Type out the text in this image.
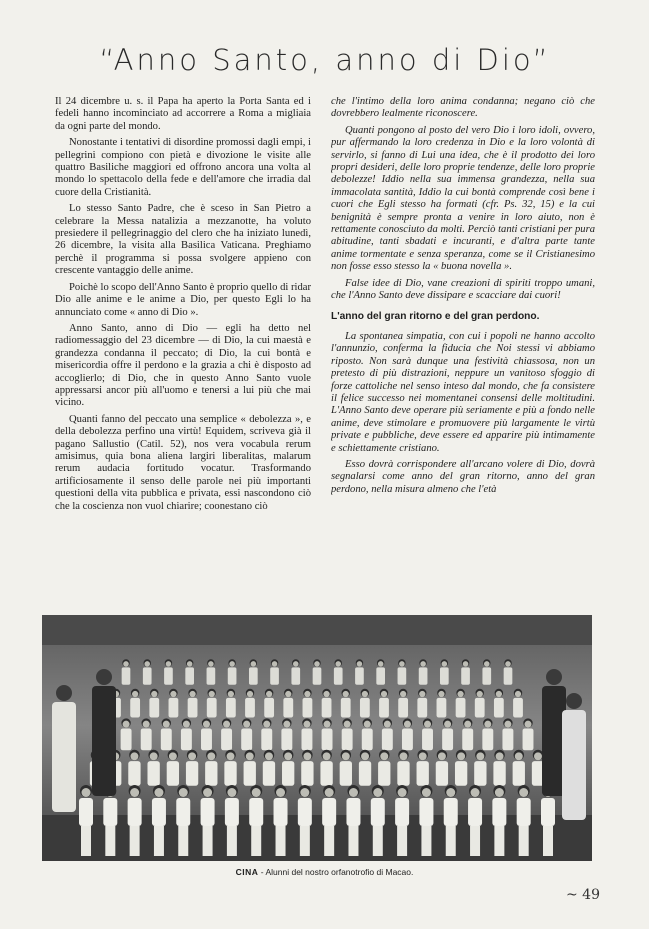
“Anno Santo, anno di Dio”

Il 24 dicembre u. s. il Papa ha aperto la Porta Santa ed i fedeli hanno incominciato ad accorrere a Roma a migliaia da ogni parte del mondo.

Nonostante i tentativi di disordine promossi dagli empi, i pellegrini compiono con pietà e divozione le visite alle quattro Basiliche maggiori ed offrono ancora una volta al mondo lo spettacolo della fede e dell'amore che irradia dal cuore della Cristianità.

Lo stesso Santo Padre, che è sceso in San Pietro a celebrare la Messa natalizia a mezzanotte, ha voluto presiedere il pellegrinaggio del clero che ha iniziato lunedì, 26 dicembre, la visita alla Basilica Vaticana. Preghiamo perchè il programma si possa svolgere appieno con crescente vantaggio delle anime.

Poichè lo scopo dell'Anno Santo è proprio quello di ridar Dio alle anime e le anime a Dio, per questo Egli lo ha annunciato come « anno di Dio ».

Anno Santo, anno di Dio — egli ha detto nel radiomessaggio del 23 dicembre — di Dio, la cui maestà e grandezza condanna il peccato; di Dio, la cui bontà e misericordia offre il perdono e la grazia a chi è disposto ad accoglierlo; di Dio, che in questo Anno Santo vuole appressarsi ancor più all'uomo e tenersi a lui più che mai vicino.

Quanti fanno del peccato una semplice « debolezza », e della debolezza perfino una virtù! Equidem, scriveva già il pagano Sallustio (Catil. 52), nos vera vocabula rerum amisimus, quia bona aliena largiri liberalitas, malarum rerum audacia fortitudo vocatur. Trasformando artificiosamente il senso delle parole nei più importanti questioni della vita pubblica e privata, essi nascondono ciò che la coscienza non vuol chiarire; coonestano ciò

che l'intimo della loro anima condanna; negano ciò che dovrebbero lealmente riconoscere.

Quanti pongono al posto del vero Dio i loro idoli, ovvero, pur affermando la loro credenza in Dio e la loro volontà di servirlo, si fanno di Lui una idea, che è il prodotto dei loro propri desideri, delle loro proprie tendenze, delle loro proprie debolezze! Iddio nella sua immensa grandezza, nella sua immacolata santità, Iddio la cui bontà comprende così bene i cuori che Egli stesso ha formati (cfr. Ps. 32, 15) e la cui benignità è sempre pronta a venire in loro aiuto, non è rettamente conosciuto da molti. Perciò tanti cristiani per pura abitudine, tanti sbadati e incuranti, e d'altra parte tante anime tormentate e senza speranza, come se il Cristianesimo non fosse esso stesso la « buona novella ».

False idee di Dio, vane creazioni di spiriti troppo umani, che l'Anno Santo deve dissipare e scacciare dai cuori!

L'anno del gran ritorno e del gran perdono.

La spontanea simpatia, con cui i popoli ne hanno accolto l'annunzio, conferma la fiducia che Noi stessi vi abbiamo riposto. Non sarà dunque una festività chiassosa, non un pretesto di più distrazioni, neppure un vanitoso sfoggio di forze cattoliche nel senso inteso dal mondo, che fa consistere il felice successo nei momentanei consensi delle moltitudini. L'Anno Santo deve operare più seriamente e più a fondo nelle anime, deve stimolare e promuovere più largamente le virtù private e pubbliche, deve essere ed apparire più intimamente e schiettamente cristiano.

Esso dovrà corrispondere all'arcano volere di Dio, dovrà segnalarsi come anno del gran ritorno, anno del gran perdono, nella misura almeno che l'età

CINA - Alunni del nostro orfanotrofio di Macao.
~ 49
